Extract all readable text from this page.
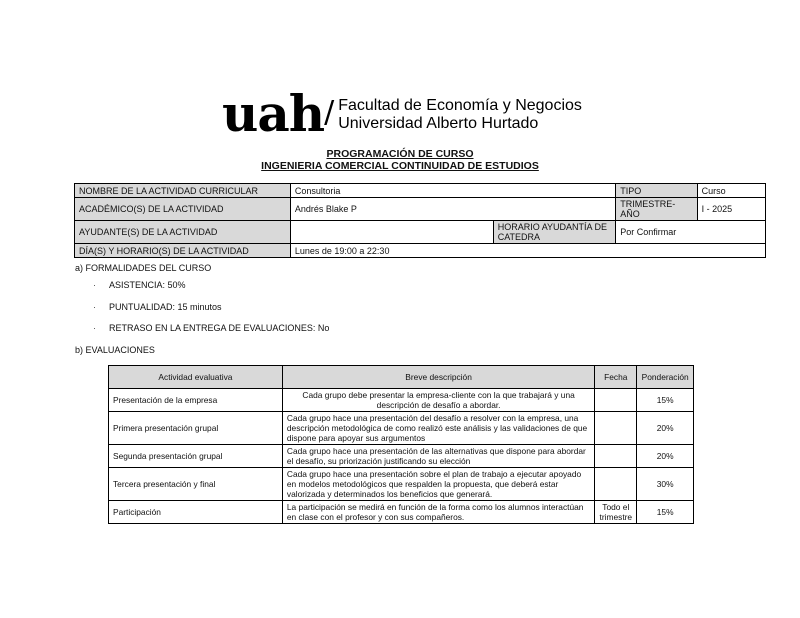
uah / Facultad de Economía y Negocios
Universidad Alberto Hurtado
PROGRAMACIÓN DE CURSO
INGENIERIA COMERCIAL CONTINUIDAD DE ESTUDIOS
NOMBRE DE LA ACTIVIDAD CURRICULAR	Consultoria		TIPO	Curso
ACADÉMICO(S) DE LA ACTIVIDAD	Andrés Blake P		TRIMESTRE-AÑO	I - 2025
AYUDANTE(S) DE LA ACTIVIDAD		HORARIO AYUDANTÍA DE CATEDRA	Por Confirmar	
DÍA(S) Y HORARIO(S) DE LA ACTIVIDAD	Lunes de 19:00 a 22:30			
a) FORMALIDADES DEL CURSO
· ASISTENCIA: 50%
· PUNTUALIDAD: 15 minutos
· RETRASO EN LA ENTREGA DE EVALUACIONES: No
b) EVALUACIONES
Actividad evaluativa	Breve descripción	Fecha	Ponderación
Presentación de la empresa	Cada grupo debe presentar la empresa-cliente con la que trabajará y una descripción de desafío a abordar.		15%
Primera presentación grupal	Cada grupo hace una presentación del desafío a resolver con la empresa, una descripción metodológica de como realizó este análisis y las validaciones de que dispone para apoyar sus argumentos		20%
Segunda presentación grupal	Cada grupo hace una presentación de las alternativas que dispone para abordar el desafío, su priorización justificando su elección		20%
Tercera presentación y final	Cada grupo hace una presentación sobre el plan de trabajo a ejecutar apoyado en modelos metodológicos que respalden la propuesta, que deberá estar valorizada y determinados los beneficios que generará.		30%
Participación	La participación se medirá en función de la forma como los alumnos interactúan en clase con el profesor y con sus compañeros.	Todo el trimestre	15%
